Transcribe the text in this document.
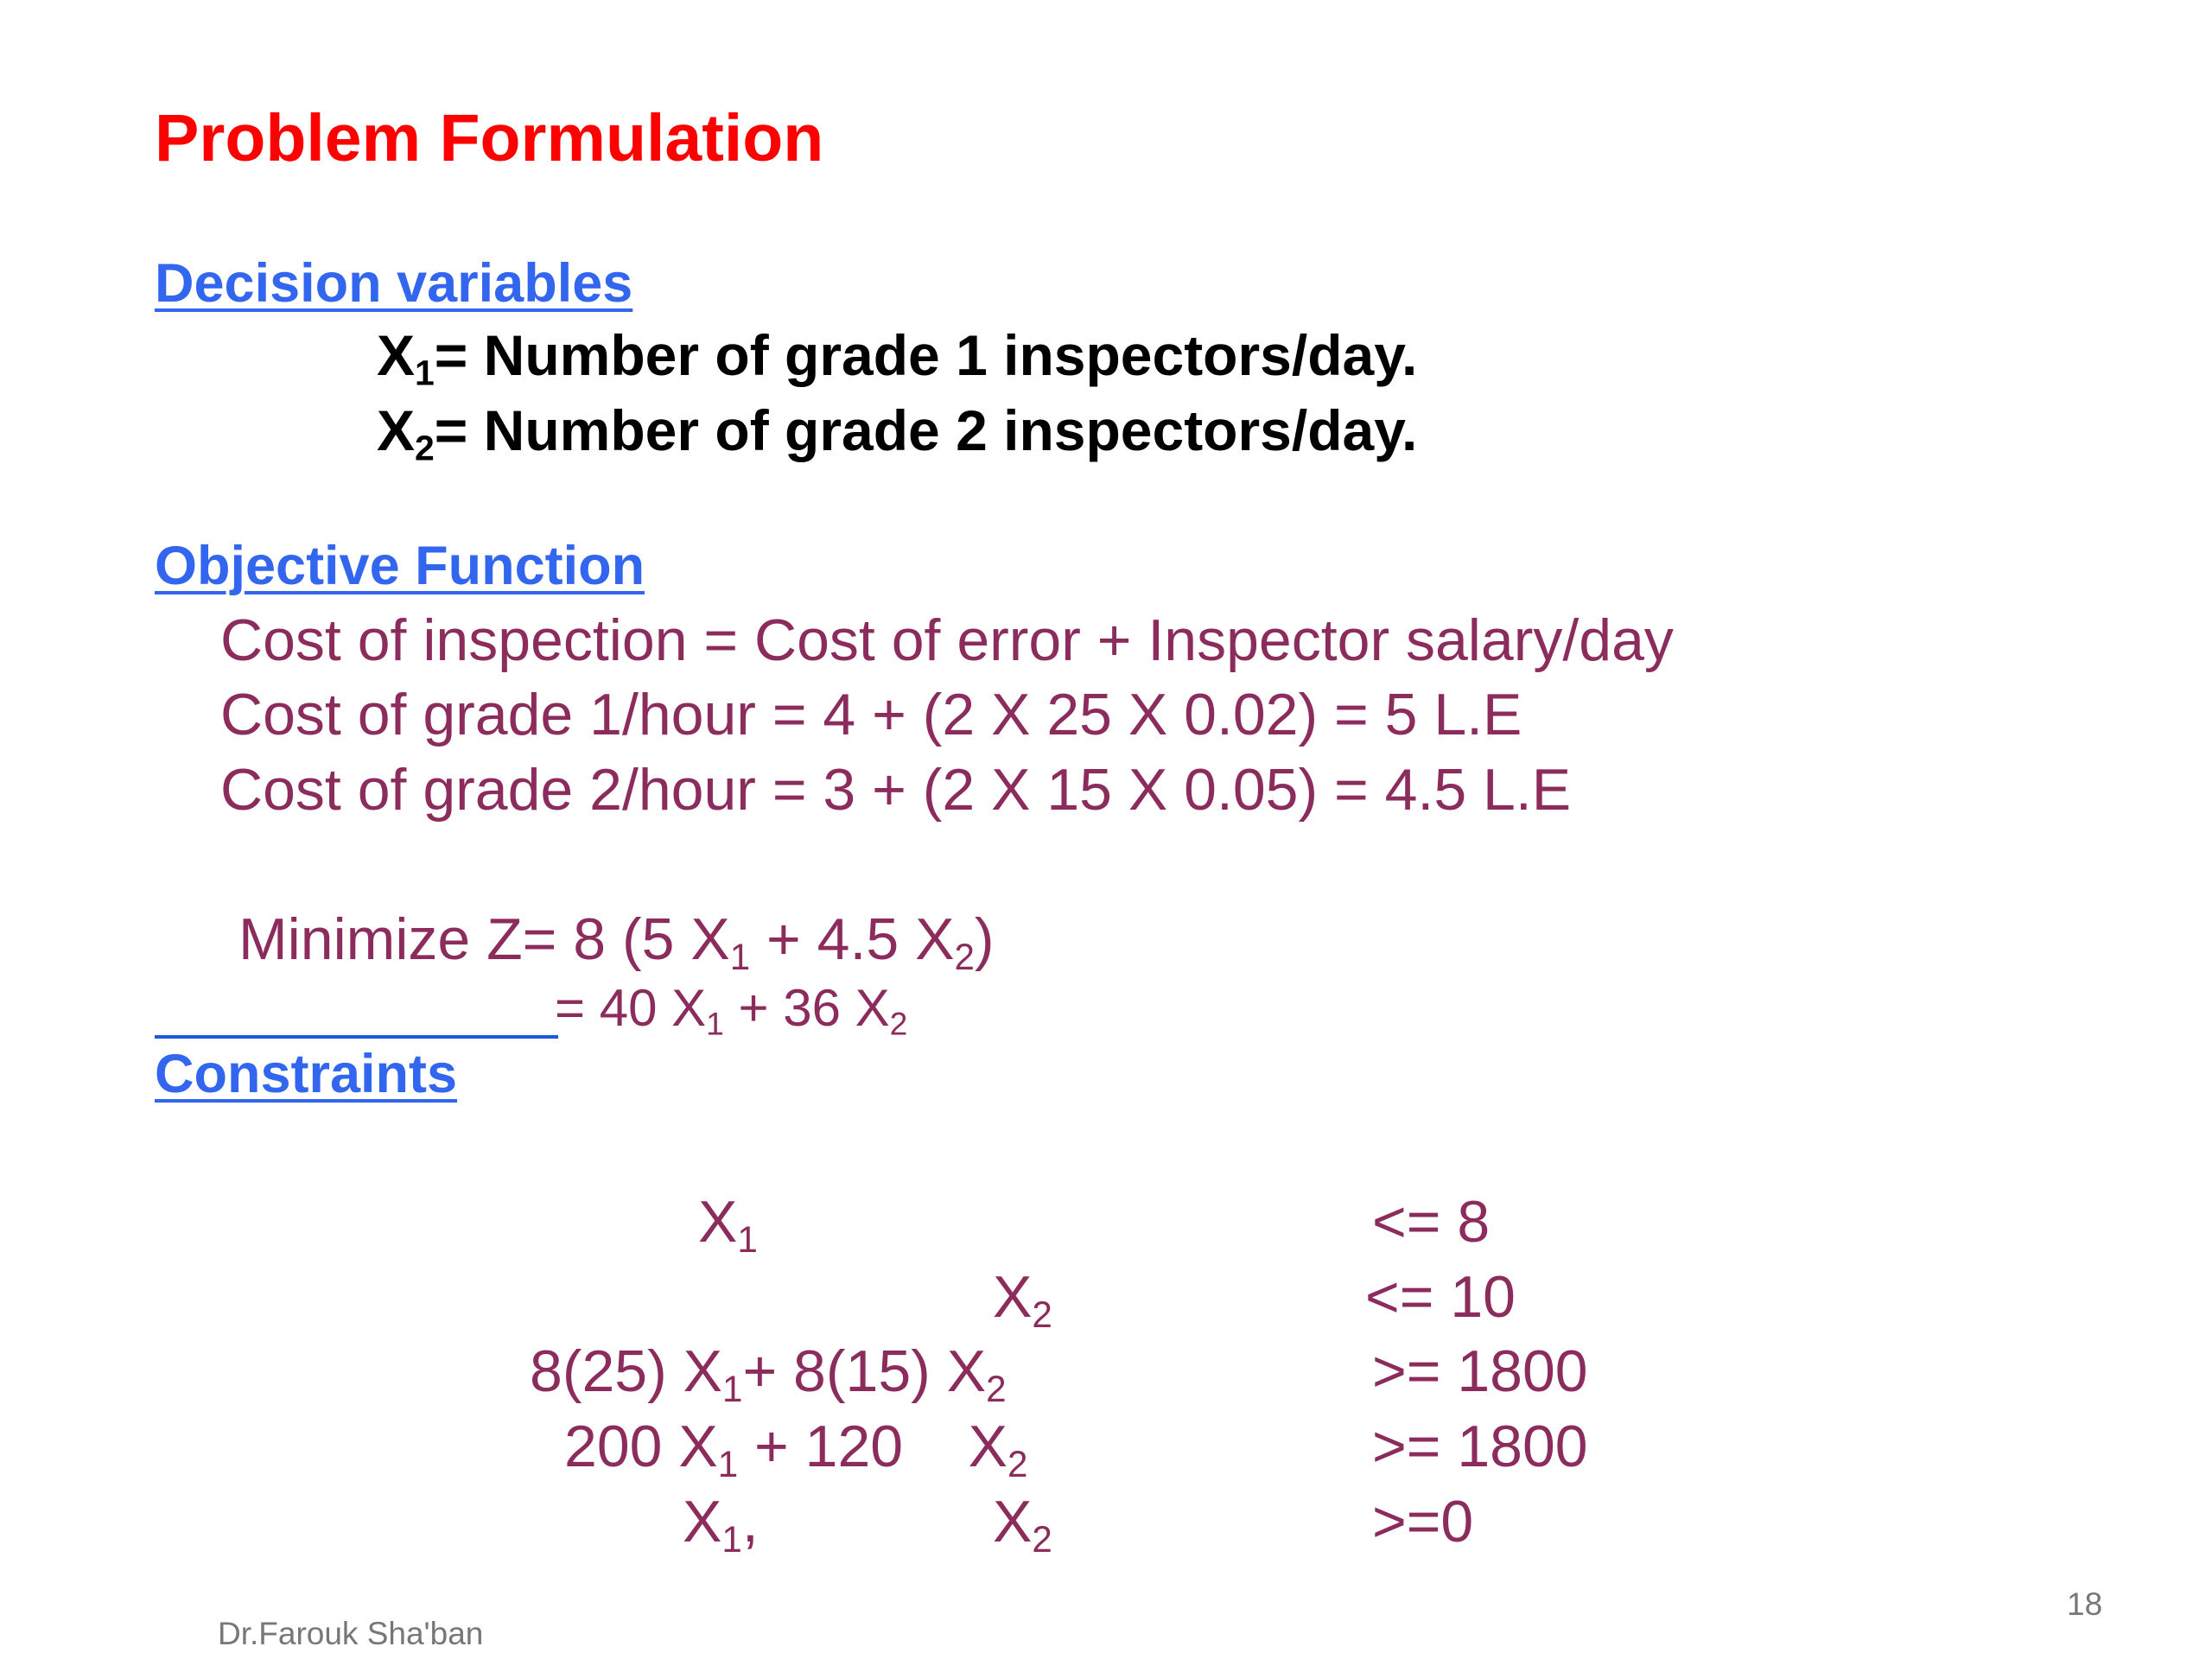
Problem Formulation
Decision variables
$X_1=$ Number of grade 1 inspectors/day.
$X_2=$ Number of grade 2 inspectors/day.
Objective Function
Cost of inspection = Cost of error + Inspector salary/day
Cost of grade 1/hour = 4 + (2 X 25 X 0.02) = 5 L.E
Cost of grade 2/hour = 3 + (2 X 15 X 0.05) = 4.5 L.E
Minimize Z= 8 (5 $X_1 + 4.5$ $X_2$)
= 40 $X_1 + 36$ $X_2$
Constraints
$X_1$	<= 8
$X_2$	<= 10
8(25) $X_1+ 8(15)$ $X_2$	>= 1800
200 $X_1 + 120$    $X_2$	>= 1800
$X_1$,	$X_2$	>=0
Dr.Farouk Sha'ban
18
